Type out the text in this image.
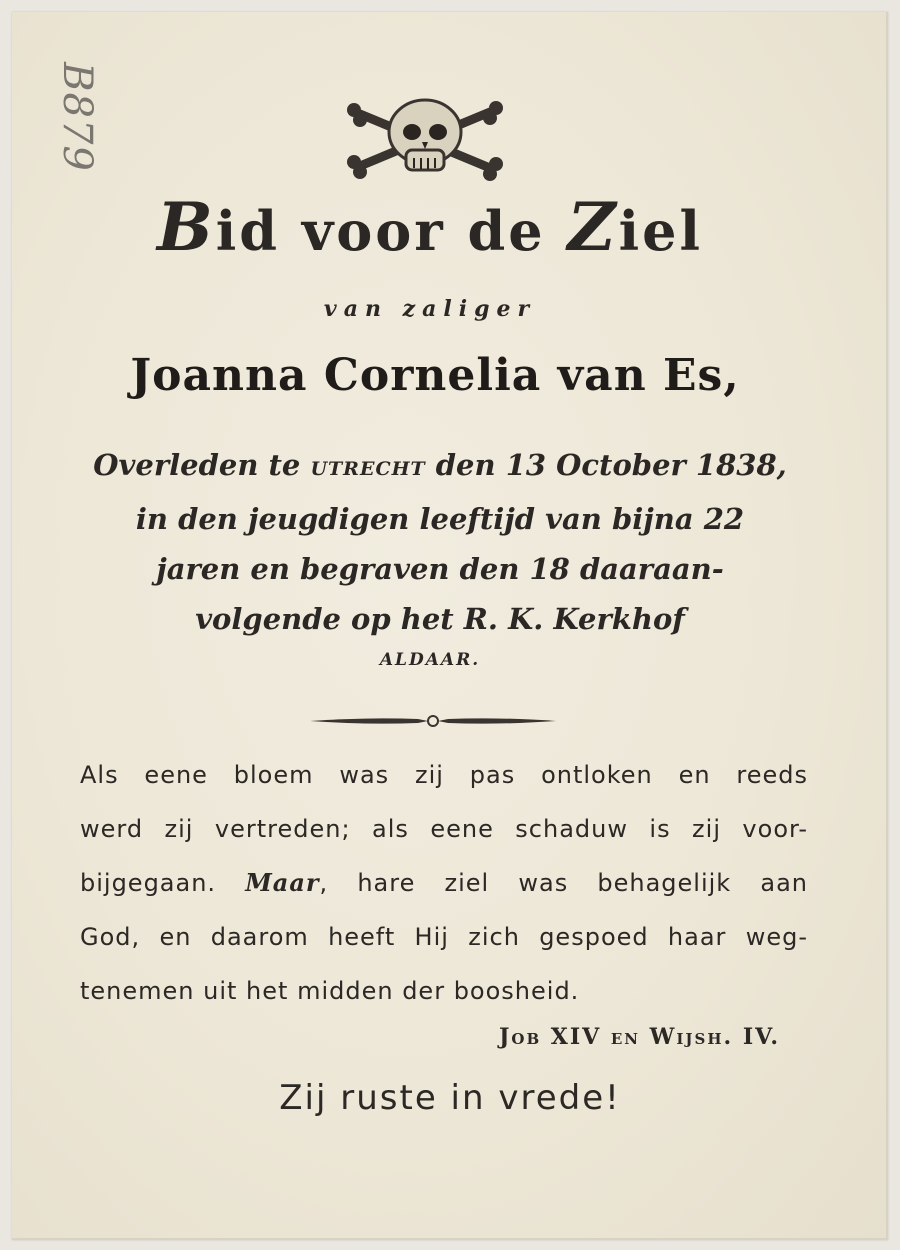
B879
Bid voor de Ziel
van zaliger
Joanna Cornelia van Es,
Overleden te UTRECHT den 13 October 1838,
in den jeugdigen leeftijd van bijna 22
jaren en begraven den 18 daaraan-
volgende op het R. K. Kerkhof
ALDAAR.
Als eene bloem was zij pas ontloken en reeds
werd zij vertreden; als eene schaduw is zij voor-
bijgegaan. Maar, hare ziel was behagelijk aan
God, en daarom heeft Hij zich gespoed haar weg-
tenemen uit het midden der boosheid.
Job XIV en Wijsh. IV.
Zij ruste in vrede!
